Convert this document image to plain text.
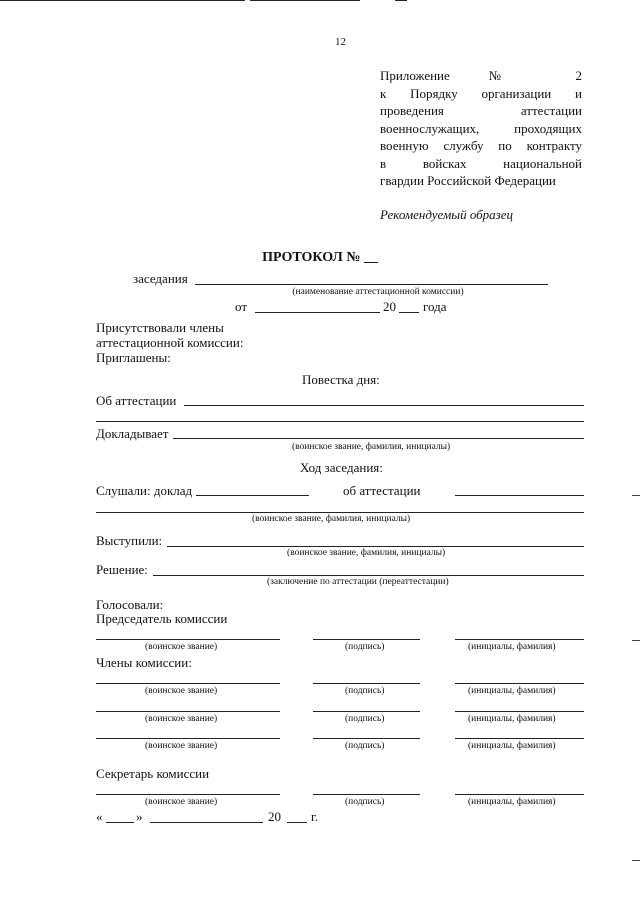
12
Приложение № 2
к Порядку организации и
проведения аттестации
военнослужащих, проходящих
военную службу по контракту
в войсках национальной
гвардии Российской Федерации
Рекомендуемый образец
ПРОТОКОЛ № __
заседания
(наименование аттестационной комиссии)
от	20 года
Присутствовали члены
аттестационной комиссии:
Приглашены:
Повестка дня:
Об аттестации
Докладывает
(воинское звание, фамилия, инициалы)
Ход заседания:
Слушали: доклад	об аттестации
(воинское звание, фамилия, инициалы)
Выступили:
(воинское звание, фамилия, инициалы)
Решение:
(заключение по аттестации (переаттестации)
Голосовали:
Председатель комиссии
(воинское звание)	(подпись)	(инициалы, фамилия)
Члены комиссии:
(воинское звание)	(подпись)	(инициалы, фамилия)
(воинское звание)	(подпись)	(инициалы, фамилия)
(воинское звание)	(подпись)	(инициалы, фамилия)
Секретарь комиссии
(воинское звание)	(подпись)	(инициалы, фамилия)
«	»	20 г.
